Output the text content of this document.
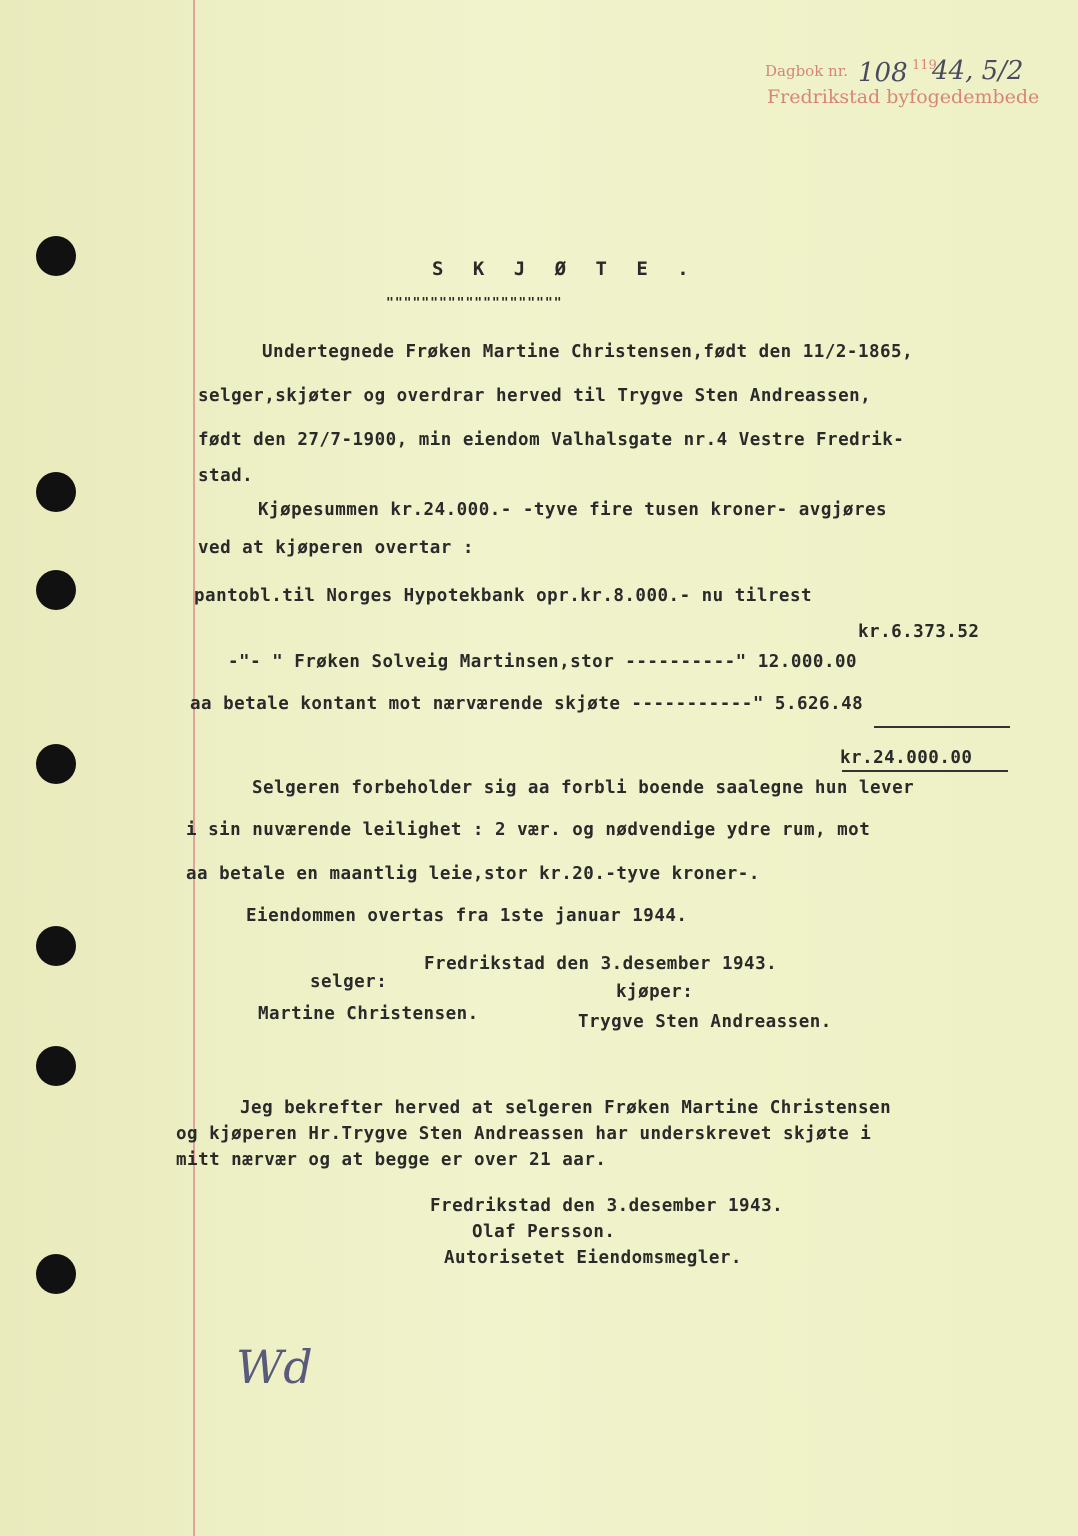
Dagbok nr.
Fredrikstad byfogedembede
108 119
44, 5/2
S K J Ø T E .
""""""""""""""""""""
Undertegnede Frøken Martine Christensen,født den 11/2-1865,
selger,skjøter og overdrar herved til Trygve Sten Andreassen,
født den 27/7-1900, min eiendom Valhalsgate nr.4 Vestre Fredrik-
stad.
Kjøpesummen kr.24.000.- -tyve fire tusen kroner- avgjøres
ved at kjøperen overtar :
pantobl.til Norges Hypotekbank opr.kr.8.000.- nu tilrest
kr.6.373.52
-"- " Frøken Solveig Martinsen,stor ----------" 12.000.00
aa betale kontant mot nærværende skjøte -----------" 5.626.48
kr.24.000.00
Selgeren forbeholder sig aa forbli boende saalegne hun lever
i sin nuværende leilighet : 2 vær. og nødvendige ydre rum, mot
aa betale en maantlig leie,stor kr.20.-tyve kroner-.
Eiendommen overtas fra 1ste januar 1944.
Fredrikstad den 3.desember 1943.
selger:	kjøper:
Martine Christensen.	Trygve Sten Andreassen.
Jeg bekrefter herved at selgeren Frøken Martine Christensen
og kjøperen Hr.Trygve Sten Andreassen har underskrevet skjøte i
mitt nærvær og at begge er over 21 aar.
Fredrikstad den 3.desember 1943.
Olaf Persson.
Autorisetet Eiendomsmegler.
Wd
